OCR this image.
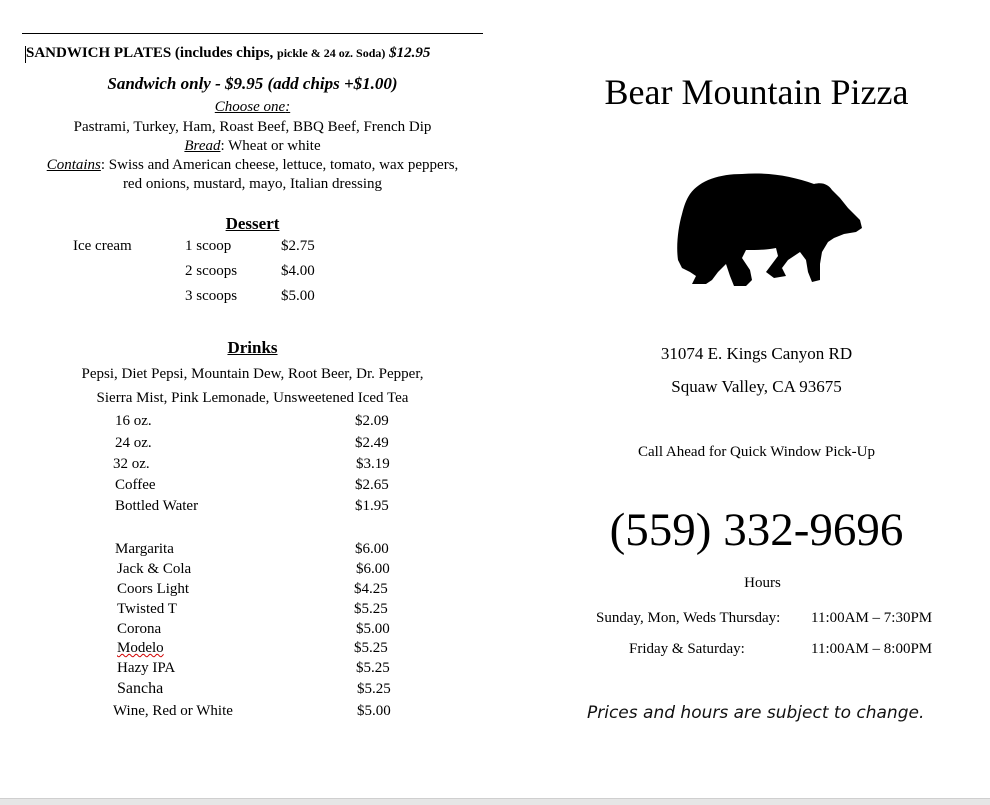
SANDWICH PLATES (includes chips, pickle & 24 oz. Soda) $12.95
Sandwich only - $9.95 (add chips +$1.00)
Choose one:
Pastrami, Turkey, Ham, Roast Beef, BBQ Beef, French Dip
Bread: Wheat or white
Contains: Swiss and American cheese, lettuce, tomato, wax peppers,
red onions, mustard, mayo, Italian dressing
Dessert
Ice cream	1 scoop	$2.75
2 scoops	$4.00
3 scoops	$5.00
Drinks
Pepsi, Diet Pepsi, Mountain Dew, Root Beer, Dr. Pepper,
Sierra Mist, Pink Lemonade, Unsweetened Iced Tea
16 oz.	$2.09
24 oz.	$2.49
32 oz.	$3.19
Coffee	$2.65
Bottled Water	$1.95
Margarita	$6.00
Jack & Cola	$6.00
Coors Light	$4.25
Twisted T	$5.25
Corona	$5.00
Modelo	$5.25
Hazy IPA	$5.25
Sancha	$5.25
Wine, Red or White	$5.00
Bear Mountain Pizza
31074 E. Kings Canyon RD
Squaw Valley, CA 93675
Call Ahead for Quick Window Pick-Up
(559) 332-9696
Hours
Sunday, Mon, Weds Thursday: 11:00AM – 7:30PM
Friday & Saturday:	11:00AM – 8:00PM
Prices and hours are subject to change.
